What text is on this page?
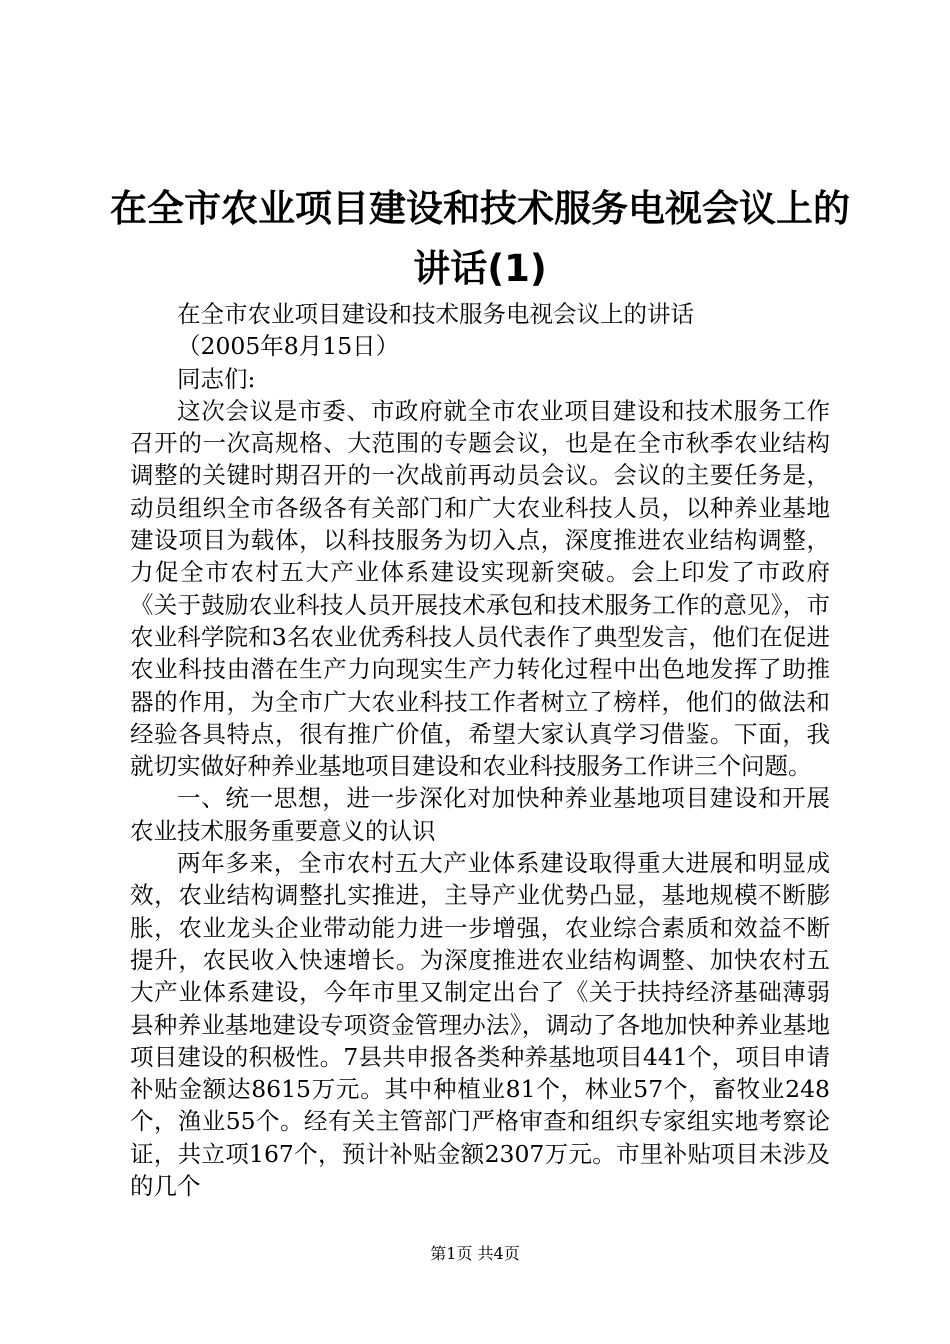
在全市农业项目建设和技术服务电视会议上的
讲话(1)

在全市农业项目建设和技术服务电视会议上的讲话

（2005年8月15日）

同志们:

这次会议是市委、市政府就全市农业项目建设和技术服务工作召开的一次高规格、大范围的专题会议，也是在全市秋季农业结构调整的关键时期召开的一次战前再动员会议。会议的主要任务是，动员组织全市各级各有关部门和广大农业科技人员，以种养业基地建设项目为载体，以科技服务为切入点，深度推进农业结构调整，力促全市农村五大产业体系建设实现新突破。会上印发了市政府《关于鼓励农业科技人员开展技术承包和技术服务工作的意见》，市农业科学院和3名农业优秀科技人员代表作了典型发言，他们在促进农业科技由潜在生产力向现实生产力转化过程中出色地发挥了助推器的作用，为全市广大农业科技工作者树立了榜样，他们的做法和经验各具特点，很有推广价值，希望大家认真学习借鉴。下面，我就切实做好种养业基地项目建设和农业科技服务工作讲三个问题。

一、统一思想，进一步深化对加快种养业基地项目建设和开展农业技术服务重要意义的认识

两年多来，全市农村五大产业体系建设取得重大进展和明显成效，农业结构调整扎实推进，主导产业优势凸显，基地规模不断膨胀，农业龙头企业带动能力进一步增强，农业综合素质和效益不断提升，农民收入快速增长。为深度推进农业结构调整、加快农村五大产业体系建设，今年市里又制定出台了《关于扶持经济基础薄弱县种养业基地建设专项资金管理办法》，调动了各地加快种养业基地项目建设的积极性。7县共申报各类种养基地项目441个，项目申请补贴金额达8615万元。其中种植业81个，林业57个，畜牧业248个，渔业55个。经有关主管部门严格审查和组织专家组实地考察论证，共立项167个，预计补贴金额2307万元。市里补贴项目未涉及的几个

第1页 共4页
